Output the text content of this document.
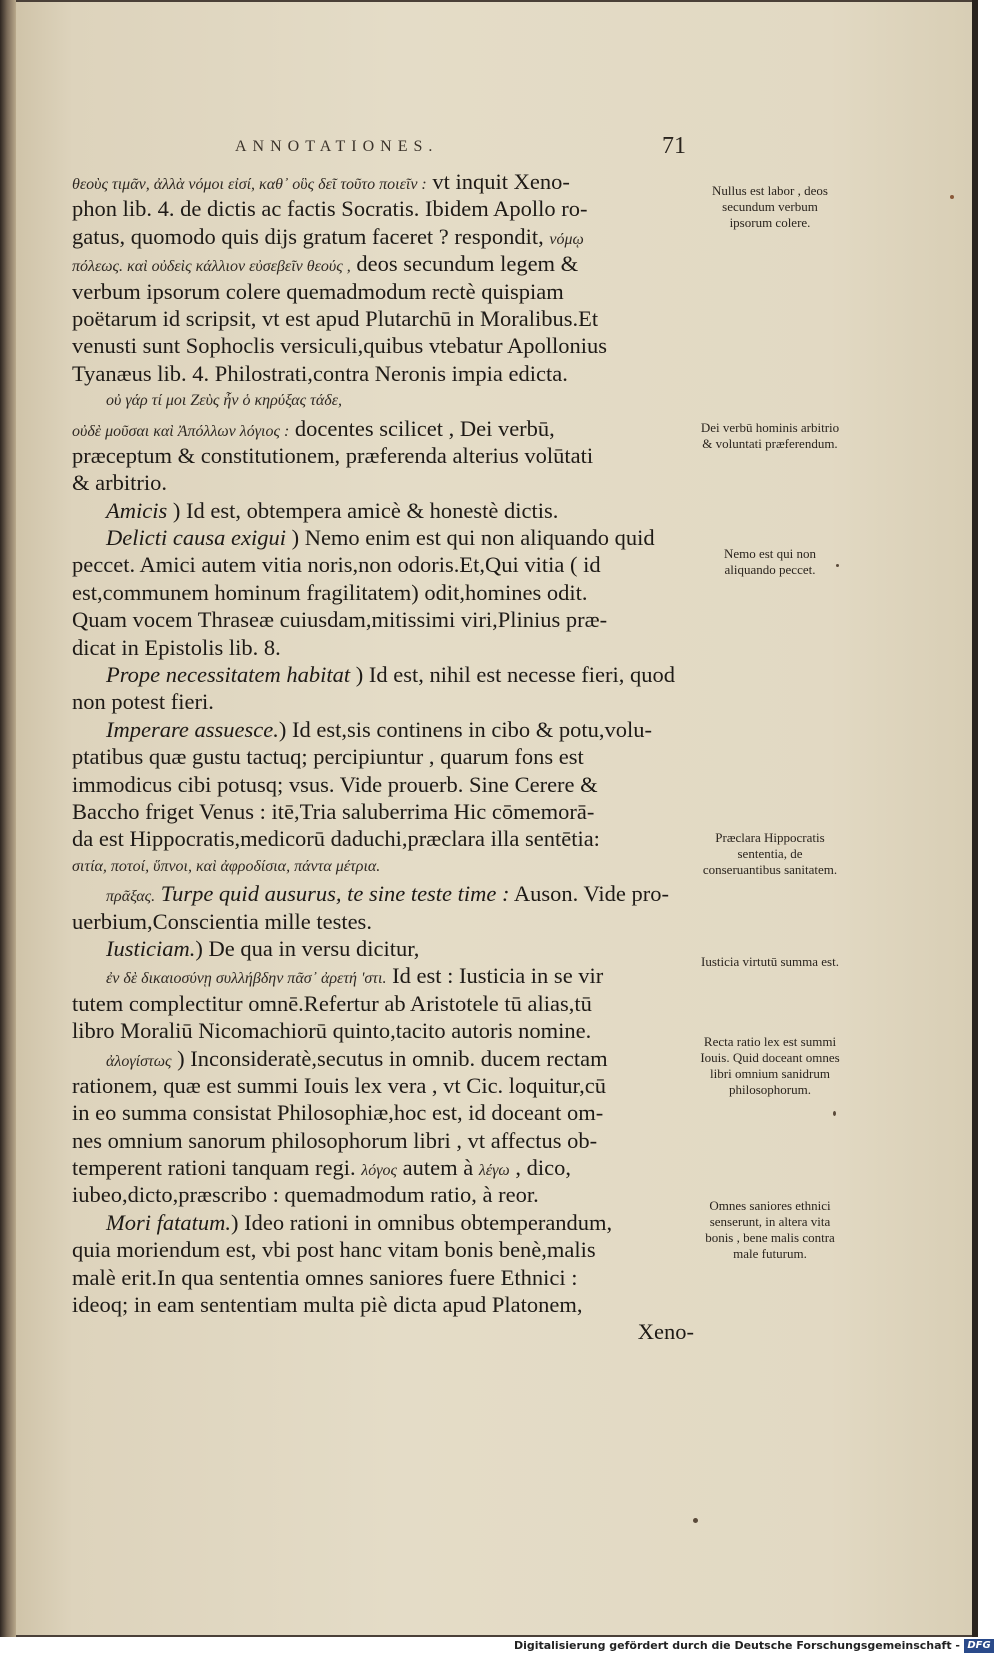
ANNOTATIONES.	71
θεοὺς τιμᾶν, ἀλλὰ νόμοι εἰσί, καθ᾽ οὓς δεῖ τοῦτο ποιεῖν : vt inquit Xeno-
phon lib. 4. de dictis ac factis Socratis. Ibidem Apollo ro-
gatus, quomodo quis dijs gratum faceret ? respondit, νόμῳ
πόλεως. καὶ οὐδεὶς κάλλιον εὐσεβεῖν θεούς , deos secundum legem &
verbum ipsorum colere quemadmodum rectè quispiam
poëtarum id scripsit, vt est apud Plutarchū in Moralibus.Et
venusti sunt Sophoclis versiculi,quibus vtebatur Apollonius
Tyanæus lib. 4. Philostrati,contra Neronis impia edicta.
οὐ γάρ τί μοι Ζεὺς ἦν ὁ κηρύξας τάδε,
οὐδὲ μοῦσαι καὶ Ἀπόλλων λόγιος : docentes scilicet , Dei verbū,
præceptum & constitutionem, præferenda alterius volūtati
& arbitrio.
Amicis ) Id est, obtempera amicè & honestè dictis.
Delicti causa exigui ) Nemo enim est qui non aliquando quid
peccet. Amici autem vitia noris,non odoris.Et,Qui vitia ( id
est,communem hominum fragilitatem) odit,homines odit.
Quam vocem Thraseæ cuiusdam,mitissimi viri,Plinius præ-
dicat in Epistolis lib. 8.
Prope necessitatem habitat ) Id est, nihil est necesse fieri, quod
non potest fieri.
Imperare assuesce.) Id est,sis continens in cibo & potu,volu-
ptatibus quæ gustu tactuq; percipiuntur , quarum fons est
immodicus cibi potusq; vsus. Vide prouerb. Sine Cerere &
Baccho friget Venus : itē,Tria saluberrima Hic cōmemorā-
da est Hippocratis,medicorū daduchi,præclara illa sentētia:
σιτία, ποτοί, ὕπνοι, καὶ ἀφροδίσια, πάντα μέτρια.
πρᾶξας. Turpe quid ausurus, te sine teste time : Auson. Vide pro-
uerbium,Conscientia mille testes.
Iusticiam.) De qua in versu dicitur,
ἐν δὲ δικαιοσύνῃ συλλήβδην πᾶσ᾽ ἀρετή 'στι. Id est : Iusticia in se vir
tutem complectitur omnē.Refertur ab Aristotele tū alias,tū
libro Moraliū Nicomachiorū quinto,tacito autoris nomine.
ἀλογίστως ) Inconsideratè,secutus in omnib. ducem rectam
rationem, quæ est summi Iouis lex vera , vt Cic. loquitur,cū
in eo summa consistat Philosophiæ,hoc est, id doceant om-
nes omnium sanorum philosophorum libri , vt affectus ob-
temperent rationi tanquam regi. λόγος autem à λέγω , dico,
iubeo,dicto,præscribo : quemadmodum ratio, à reor.
Mori fatatum.) Ideo rationi in omnibus obtemperandum,
quia moriendum est, vbi post hanc vitam bonis benè,malis
malè erit.In qua sententia omnes saniores fuere Ethnici :
ideoq; in eam sententiam multa piè dicta apud Platonem,
Xeno-
Nullus est labor , deos secundum verbum ipsorum colere.
Dei verbū hominis arbitrio & voluntati præferendum.
Nemo est qui non aliquando peccet.
Præclara Hippocratis sententia, de conseruantibus sanitatem.
Iusticia virtutū summa est.
Recta ratio lex est summi Iouis. Quid doceant omnes libri omnium sanidrum philosophorum.
Omnes saniores ethnici senserunt, in altera vita bonis , bene malis contra male futurum.
Digitalisierung gefördert durch die Deutsche Forschungsgemeinschaft - DFG
